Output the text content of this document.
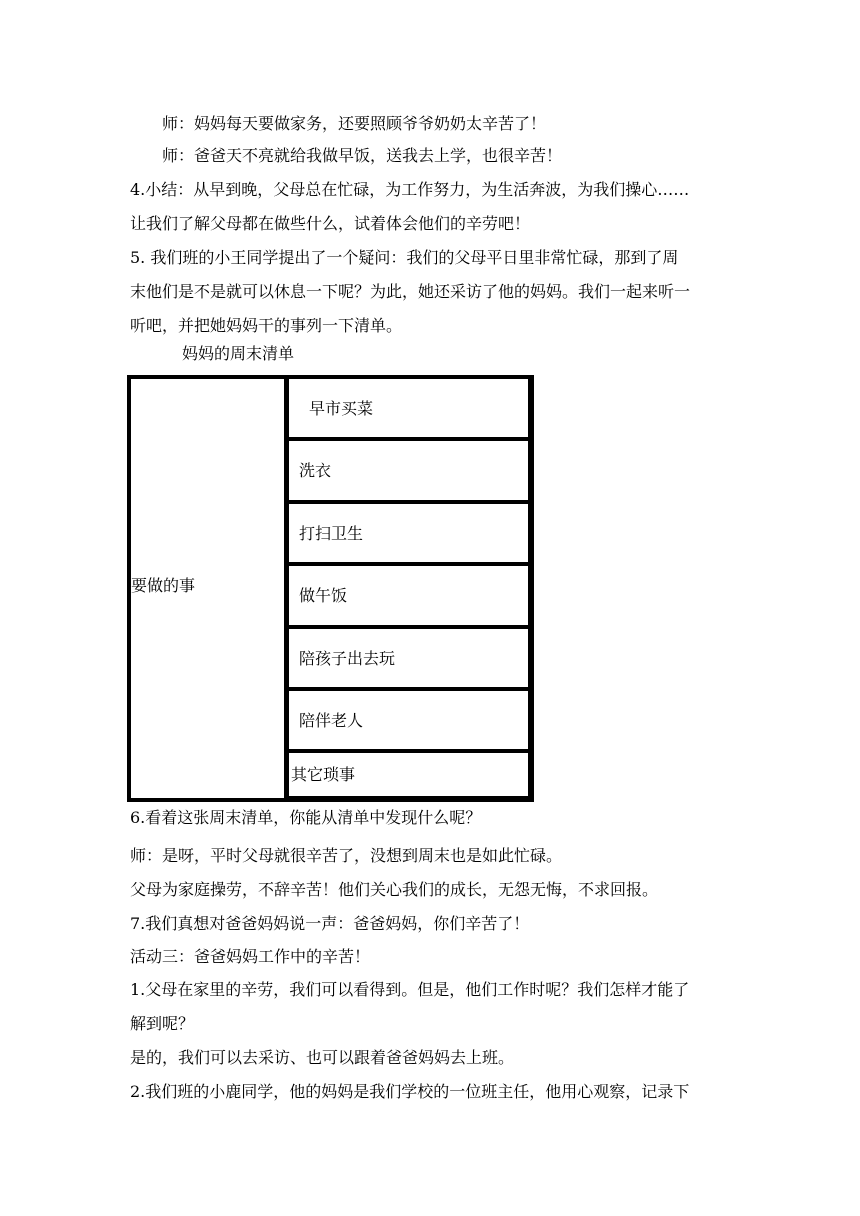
师：妈妈每天要做家务，还要照顾爷爷奶奶太辛苦了！
师：爸爸天不亮就给我做早饭，送我去上学，也很辛苦！
4.小结：从早到晚，父母总在忙碌，为工作努力，为生活奔波，为我们操心……
让我们了解父母都在做些什么，试着体会他们的辛劳吧！
5. 我们班的小王同学提出了一个疑问：我们的父母平日里非常忙碌，那到了周
末他们是不是就可以休息一下呢？为此，她还采访了他的妈妈。我们一起来听一
听吧，并把她妈妈干的事列一下清单。
妈妈的周末清单
要做的事
早市买菜
洗衣
打扫卫生
做午饭
陪孩子出去玩
陪伴老人
其它琐事
6.看着这张周末清单，你能从清单中发现什么呢？
师：是呀，平时父母就很辛苦了，没想到周末也是如此忙碌。
父母为家庭操劳，不辞辛苦！他们关心我们的成长，无怨无悔，不求回报。
7.我们真想对爸爸妈妈说一声：爸爸妈妈，你们辛苦了！
活动三：爸爸妈妈工作中的辛苦！
1.父母在家里的辛劳，我们可以看得到。但是，他们工作时呢？我们怎样才能了
解到呢？
是的，我们可以去采访、也可以跟着爸爸妈妈去上班。
2.我们班的小鹿同学，他的妈妈是我们学校的一位班主任，他用心观察，记录下
